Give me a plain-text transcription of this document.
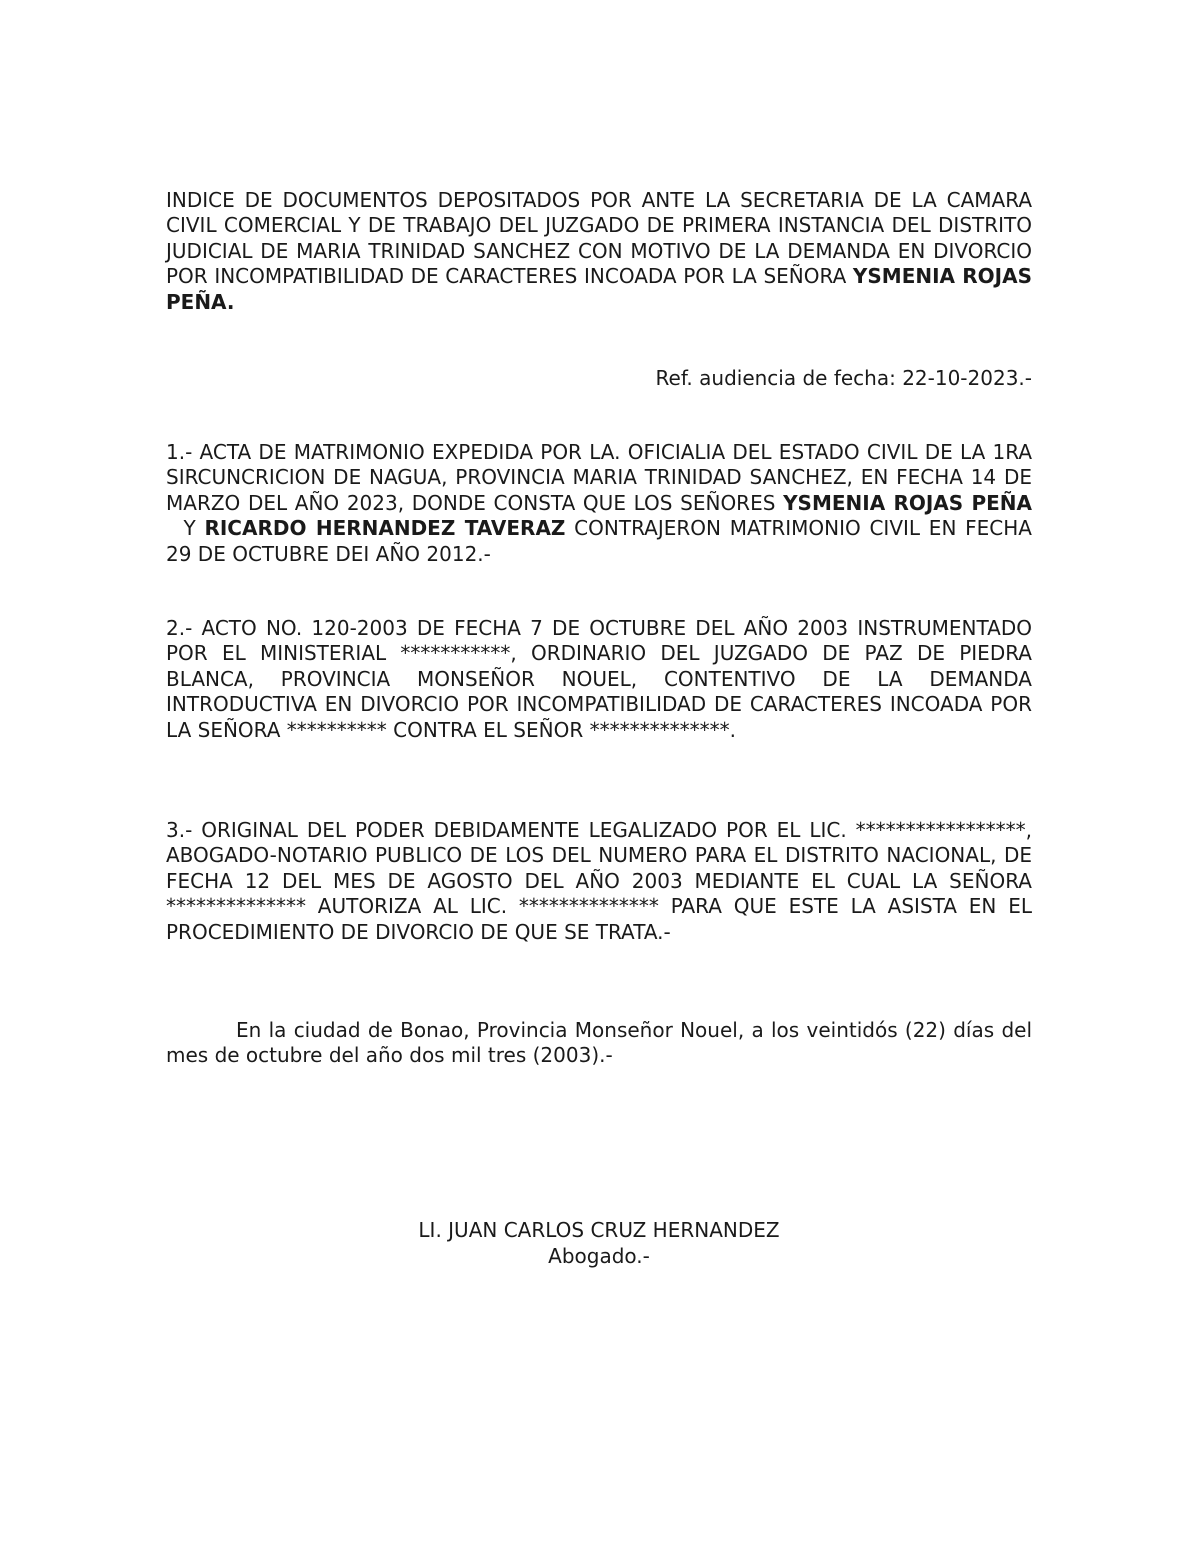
INDICE DE DOCUMENTOS DEPOSITADOS POR ANTE LA SECRETARIA DE LA CAMARA CIVIL COMERCIAL Y DE TRABAJO DEL JUZGADO DE PRIMERA INSTANCIA DEL DISTRITO JUDICIAL DE MARIA TRINIDAD SANCHEZ CON MOTIVO DE LA DEMANDA EN DIVORCIO POR INCOMPATIBILIDAD DE CARACTERES INCOADA POR LA SEÑORA YSMENIA ROJAS PEÑA.
Ref. audiencia de fecha: 22-10-2023.-
1.- ACTA DE MATRIMONIO EXPEDIDA POR LA. OFICIALIA DEL ESTADO CIVIL DE LA 1RA SIRCUNCRICION DE NAGUA, PROVINCIA MARIA TRINIDAD SANCHEZ, EN FECHA 14 DE MARZO DEL AÑO 2023, DONDE CONSTA QUE LOS SEÑORES YSMENIA ROJAS PEÑA  Y RICARDO HERNANDEZ TAVERAZ CONTRAJERON MATRIMONIO CIVIL EN FECHA 29 DE OCTUBRE DEI AÑO 2012.-
2.- ACTO NO. 120-2003 DE FECHA 7 DE OCTUBRE DEL AÑO 2003 INSTRUMENTADO POR EL MINISTERIAL ***********, ORDINARIO DEL JUZGADO DE PAZ DE PIEDRA BLANCA, PROVINCIA MONSEÑOR NOUEL, CONTENTIVO DE LA DEMANDA INTRODUCTIVA EN DIVORCIO POR INCOMPATIBILIDAD DE CARACTERES INCOADA POR LA SEÑORA ********** CONTRA EL SEÑOR **************.
3.- ORIGINAL DEL PODER DEBIDAMENTE LEGALIZADO POR EL LIC. *****************, ABOGADO-NOTARIO PUBLICO DE LOS DEL NUMERO PARA EL DISTRITO NACIONAL, DE FECHA 12 DEL MES DE AGOSTO DEL AÑO 2003 MEDIANTE EL CUAL LA SEÑORA ************** AUTORIZA AL LIC. ************** PARA QUE ESTE LA ASISTA EN EL PROCEDIMIENTO DE DIVORCIO DE QUE SE TRATA.-
En la ciudad de Bonao, Provincia Monseñor Nouel, a los veintidós (22) días del mes de octubre del año dos mil tres (2003).-
LI. JUAN CARLOS CRUZ HERNANDEZ
Abogado.-
